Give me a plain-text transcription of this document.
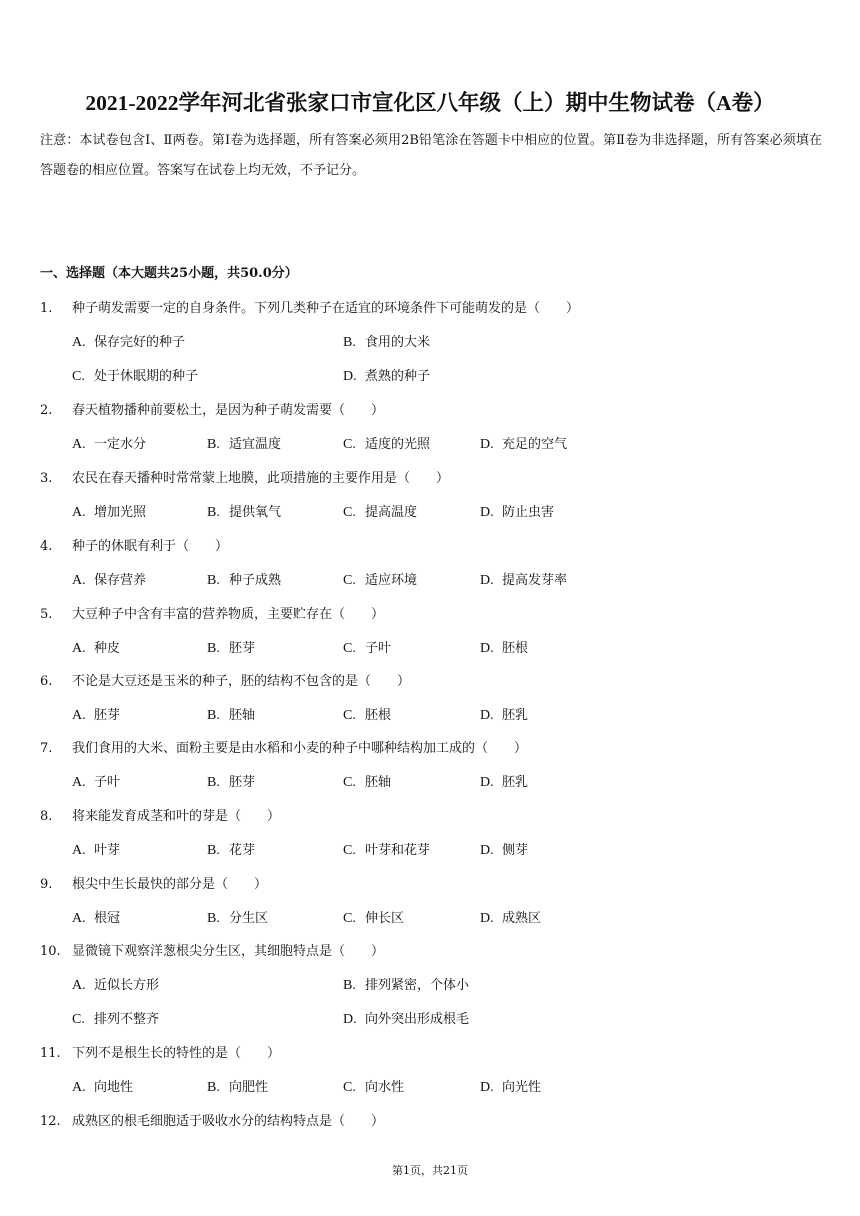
2021-2022学年河北省张家口市宣化区八年级（上）期中生物试卷（A卷）
注意：本试卷包含Ⅰ、Ⅱ两卷。第Ⅰ卷为选择题，所有答案必须用2B铅笔涂在答题卡中相应的位置。第Ⅱ卷为非选择题，所有答案必须填在答题卷的相应位置。答案写在试卷上均无效，不予记分。
一、选择题（本大题共25小题，共50.0分）
1. 种子萌发需要一定的自身条件。下列几类种子在适宜的环境条件下可能萌发的是（　　）
A. 保存完好的种子	B. 食用的大米
C. 处于休眠期的种子	D. 煮熟的种子
2. 春天植物播种前要松土，是因为种子萌发需要（　　）
A. 一定水分	B. 适宜温度	C. 适度的光照	D. 充足的空气
3. 农民在春天播种时常常蒙上地膜，此项措施的主要作用是（　　）
A. 增加光照	B. 提供氧气	C. 提高温度	D. 防止虫害
4. 种子的休眠有利于（　　）
A. 保存营养	B. 种子成熟	C. 适应环境	D. 提高发芽率
5. 大豆种子中含有丰富的营养物质，主要贮存在（　　）
A. 种皮	B. 胚芽	C. 子叶	D. 胚根
6. 不论是大豆还是玉米的种子，胚的结构不包含的是（　　）
A. 胚芽	B. 胚轴	C. 胚根	D. 胚乳
7. 我们食用的大米、面粉主要是由水稻和小麦的种子中哪种结构加工成的（　　）
A. 子叶	B. 胚芽	C. 胚轴	D. 胚乳
8. 将来能发育成茎和叶的芽是（　　）
A. 叶芽	B. 花芽	C. 叶芽和花芽	D. 侧芽
9. 根尖中生长最快的部分是（　　）
A. 根冠	B. 分生区	C. 伸长区	D. 成熟区
10. 显微镜下观察洋葱根尖分生区，其细胞特点是（　　）
A. 近似长方形	B. 排列紧密，个体小
C. 排列不整齐	D. 向外突出形成根毛
11. 下列不是根生长的特性的是（　　）
A. 向地性	B. 向肥性	C. 向水性	D. 向光性
12. 成熟区的根毛细胞适于吸收水分的结构特点是（　　）
第1页，共21页
